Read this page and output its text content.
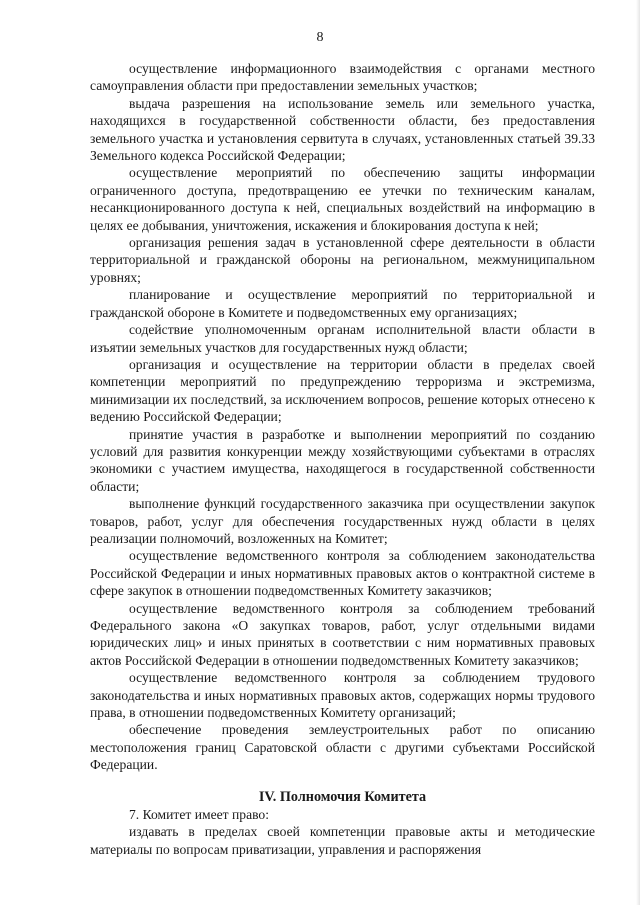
8

осуществление информационного взаимодействия с органами местного самоуправления области при предоставлении земельных участков;

выдача разрешения на использование земель или земельного участка, находящихся в государственной собственности области, без предоставления земельного участка и установления сервитута в случаях, установленных статьей 39.33 Земельного кодекса Российской Федерации;

осуществление мероприятий по обеспечению защиты информации ограниченного доступа, предотвращению ее утечки по техническим каналам, несанкционированного доступа к ней, специальных воздействий на информацию в целях ее добывания, уничтожения, искажения и блокирования доступа к ней;

организация решения задач в установленной сфере деятельности в области территориальной и гражданской обороны на региональном, межмуниципальном уровнях;

планирование и осуществление мероприятий по территориальной и гражданской обороне в Комитете и подведомственных ему организациях;

содействие уполномоченным органам исполнительной власти области в изъятии земельных участков для государственных нужд области;

организация и осуществление на территории области в пределах своей компетенции мероприятий по предупреждению терроризма и экстремизма, минимизации их последствий, за исключением вопросов, решение которых отнесено к ведению Российской Федерации;

принятие участия в разработке и выполнении мероприятий по созданию условий для развития конкуренции между хозяйствующими субъектами в отраслях экономики с участием имущества, находящегося в государственной собственности области;

выполнение функций государственного заказчика при осуществлении закупок товаров, работ, услуг для обеспечения государственных нужд области в целях реализации полномочий, возложенных на Комитет;

осуществление ведомственного контроля за соблюдением законодательства Российской Федерации и иных нормативных правовых актов о контрактной системе в сфере закупок в отношении подведомственных Комитету заказчиков;

осуществление ведомственного контроля за соблюдением требований Федерального закона «О закупках товаров, работ, услуг отдельными видами юридических лиц» и иных принятых в соответствии с ним нормативных правовых актов Российской Федерации в отношении подведомственных Комитету заказчиков;

осуществление ведомственного контроля за соблюдением трудового законодательства и иных нормативных правовых актов, содержащих нормы трудового права, в отношении подведомственных Комитету организаций;

обеспечение проведения землеустроительных работ по описанию местоположения границ Саратовской области с другими субъектами Российской Федерации.

IV. Полномочия Комитета

7. Комитет имеет право:

издавать в пределах своей компетенции правовые акты и методические материалы по вопросам приватизации, управления и распоряжения
